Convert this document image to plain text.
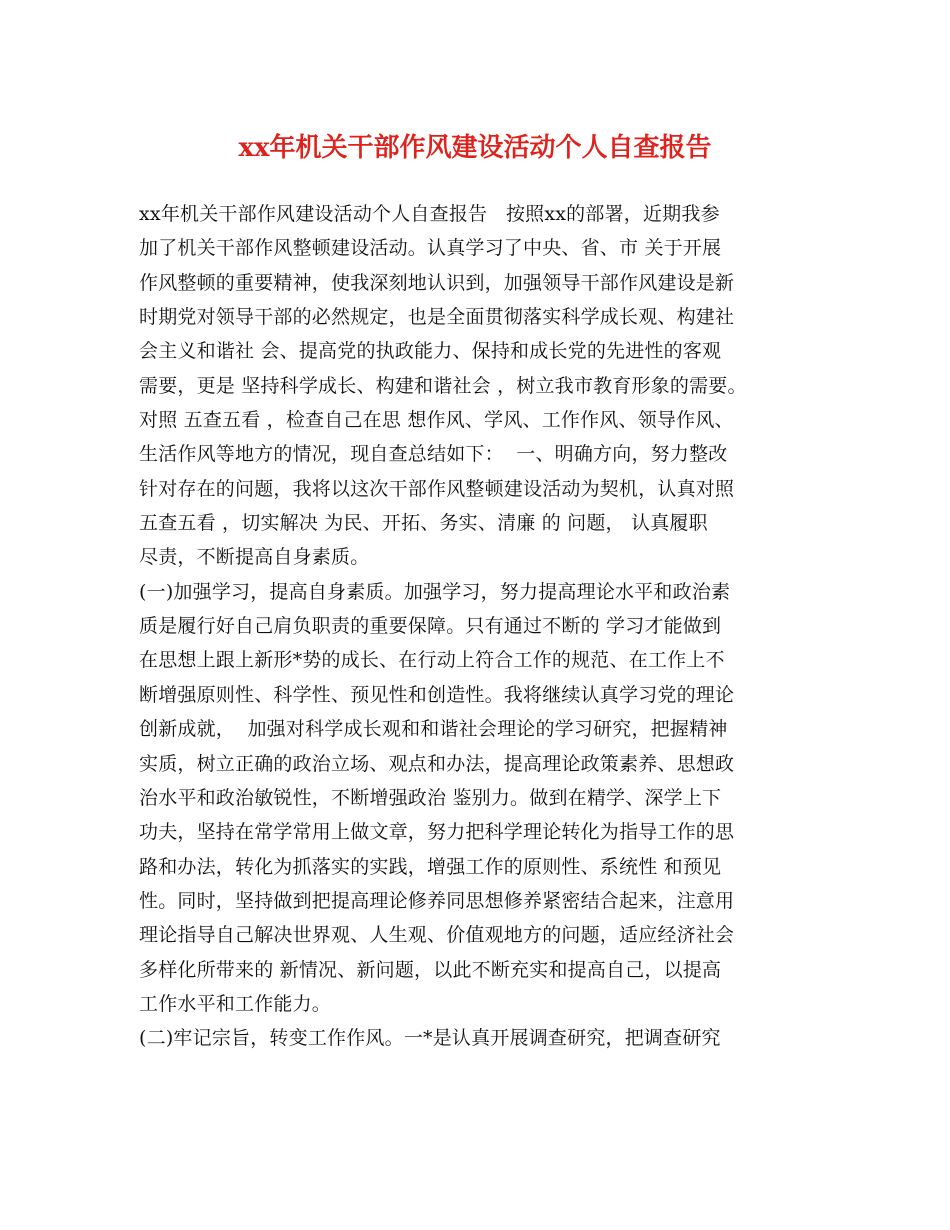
xx年机关干部作风建设活动个人自查报告
xx年机关干部作风建设活动个人自查报告   按照xx的部署，近期我参
加了机关干部作风整顿建设活动。认真学习了中央、省、市 关于开展
作风整顿的重要精神，使我深刻地认识到，加强领导干部作风建设是新
时期党对领导干部的必然规定，也是全面贯彻落实科学成长观、构建社
会主义和谐社 会、提高党的执政能力、保持和成长党的先进性的客观
需要，更是 坚持科学成长、构建和谐社会 ，树立我市教育形象的需要。
对照 五查五看 ，检查自己在思 想作风、学风、工作作风、领导作风、
生活作风等地方的情况，现自查总结如下：  一、明确方向，努力整改
针对存在的问题，我将以这次干部作风整顿建设活动为契机，认真对照
五查五看 ，切实解决 为民、开拓、务实、清廉 的 问题， 认真履职
尽责，不断提高自身素质。
(一)加强学习，提高自身素质。加强学习，努力提高理论水平和政治素
质是履行好自己肩负职责的重要保障。只有通过不断的 学习才能做到
在思想上跟上新形*势的成长、在行动上符合工作的规范、在工作上不
断增强原则性、科学性、预见性和创造性。我将继续认真学习党的理论
创新成就，  加强对科学成长观和和谐社会理论的学习研究，把握精神
实质，树立正确的政治立场、观点和办法，提高理论政策素养、思想政
治水平和政治敏锐性，不断增强政治 鉴别力。做到在精学、深学上下
功夫，坚持在常学常用上做文章，努力把科学理论转化为指导工作的思
路和办法，转化为抓落实的实践，增强工作的原则性、系统性 和预见
性。同时，坚持做到把提高理论修养同思想修养紧密结合起来，注意用
理论指导自己解决世界观、人生观、价值观地方的问题，适应经济社会
多样化所带来的 新情况、新问题，以此不断充实和提高自己，以提高
工作水平和工作能力。
(二)牢记宗旨，转变工作作风。一*是认真开展调查研究，把调查研究
